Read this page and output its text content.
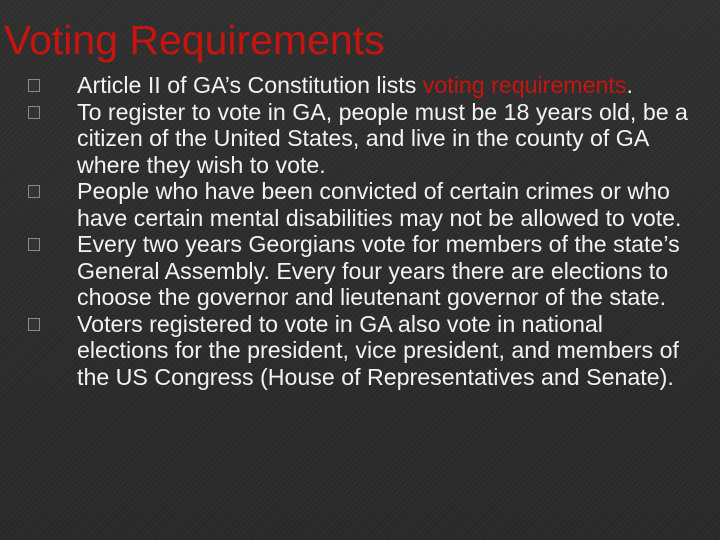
Voting Requirements
Article II of GA’s Constitution lists voting requirements.
To register to vote in GA, people must be 18 years old, be a citizen of the United States, and live in the county of GA where they wish to vote.
People who have been convicted of certain crimes or who have certain mental disabilities may not be allowed to vote.
Every two years Georgians vote for members of the state’s General Assembly. Every four years there are elections to choose the governor and lieutenant governor of the state.
Voters registered to vote in GA also vote in national elections for the president, vice president, and members of the US Congress (House of Representatives and Senate).
